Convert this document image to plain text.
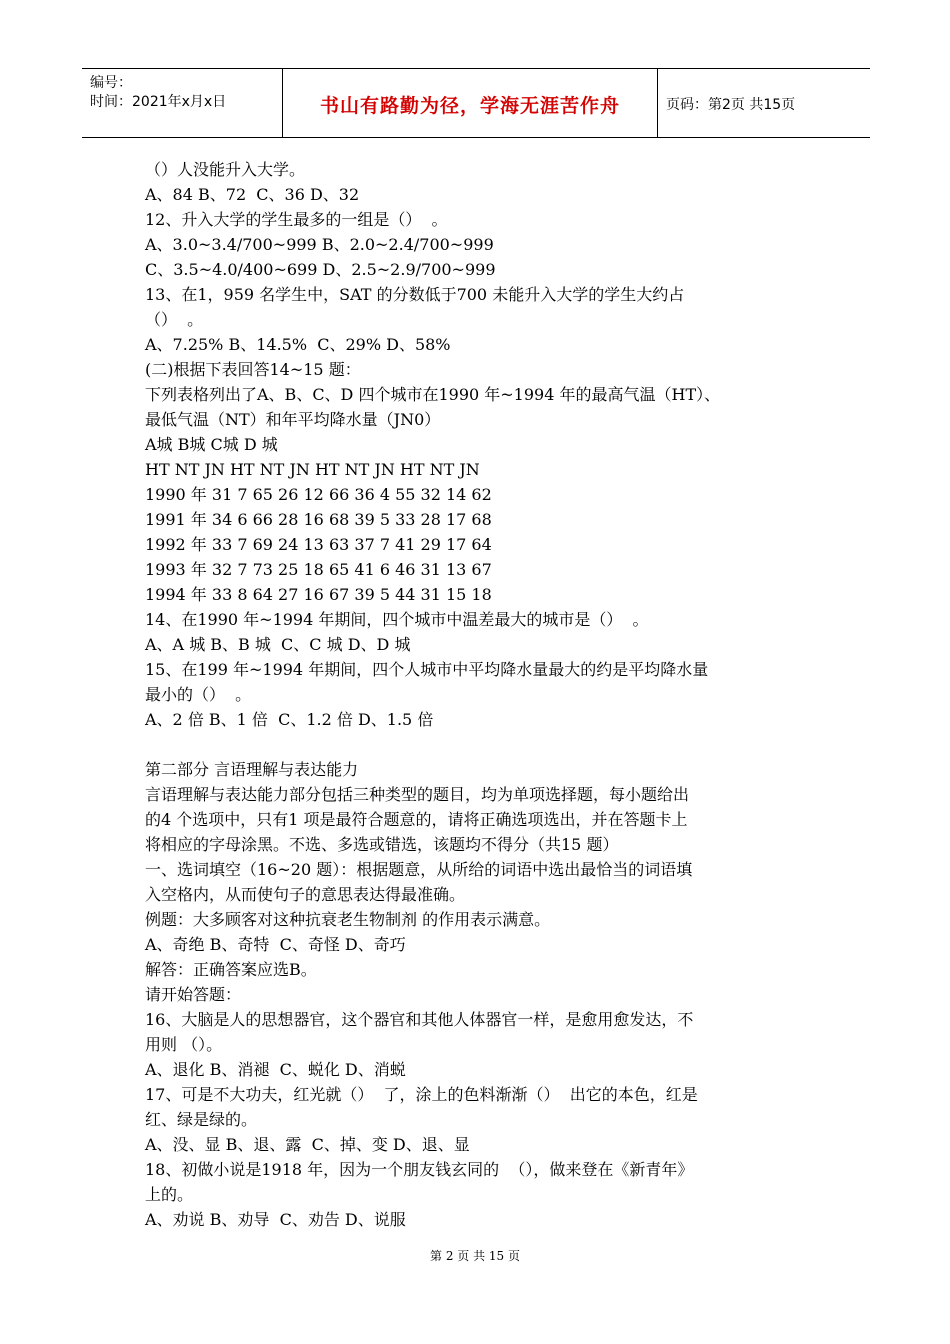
编号：
时间：2021年x月x日	书山有路勤为径，学海无涯苦作舟	页码：第2页 共15页
（）人没能升入大学。
A、84 B、72  C、36 D、32
12、升入大学的学生最多的一组是（）  。
A、3.0~3.4/700~999 B、2.0~2.4/700~999
C、3.5~4.0/400~699 D、2.5~2.9/700~999
13、在1，959 名学生中，SAT 的分数低于700 未能升入大学的学生大约占
（）  。
A、7.25% B、14.5%  C、29% D、58%
(二)根据下表回答14~15 题：
下列表格列出了A、B、C、D 四个城市在1990 年~1994 年的最高气温（HT）、
最低气温（NT）和年平均降水量（JN0）
A城 B城 C城 D 城
HT NT JN HT NT JN HT NT JN HT NT JN
1990 年 31 7 65 26 12 66 36 4 55 32 14 62
1991 年 34 6 66 28 16 68 39 5 33 28 17 68
1992 年 33 7 69 24 13 63 37 7 41 29 17 64
1993 年 32 7 73 25 18 65 41 6 46 31 13 67
1994 年 33 8 64 27 16 67 39 5 44 31 15 18
14、在1990 年~1994 年期间，四个城市中温差最大的城市是（）  。
A、A 城 B、B 城  C、C 城 D、D 城
15、在199 年~1994 年期间，四个人城市中平均降水量最大的约是平均降水量
最小的（）  。
A、2 倍 B、1 倍  C、1.2 倍 D、1.5 倍
第二部分 言语理解与表达能力
言语理解与表达能力部分包括三种类型的题目，均为单项选择题，每小题给出
的4 个选项中，只有1 项是最符合题意的，请将正确选项选出，并在答题卡上
将相应的字母涂黑。不选、多选或错选，该题均不得分（共15 题）
一、选词填空（16~20 题）：根据题意，从所给的词语中选出最恰当的词语填
入空格内，从而使句子的意思表达得最准确。
例题：大多顾客对这种抗衰老生物制剂 的作用表示满意。
A、奇绝 B、奇特  C、奇怪 D、奇巧
解答：正确答案应选B。
请开始答题：
16、大脑是人的思想器官，这个器官和其他人体器官一样，是愈用愈发达，不
用则 （）。
A、退化 B、消褪  C、蜕化 D、消蜕
17、可是不大功夫，红光就（）  了，涂上的色料渐渐（）  出它的本色，红是
红、绿是绿的。
A、没、显 B、退、露  C、掉、变 D、退、显
18、初做小说是1918 年，因为一个朋友钱玄同的  （），做来登在《新青年》
上的。
A、劝说 B、劝导  C、劝告 D、说服
第 2 页 共 15 页
